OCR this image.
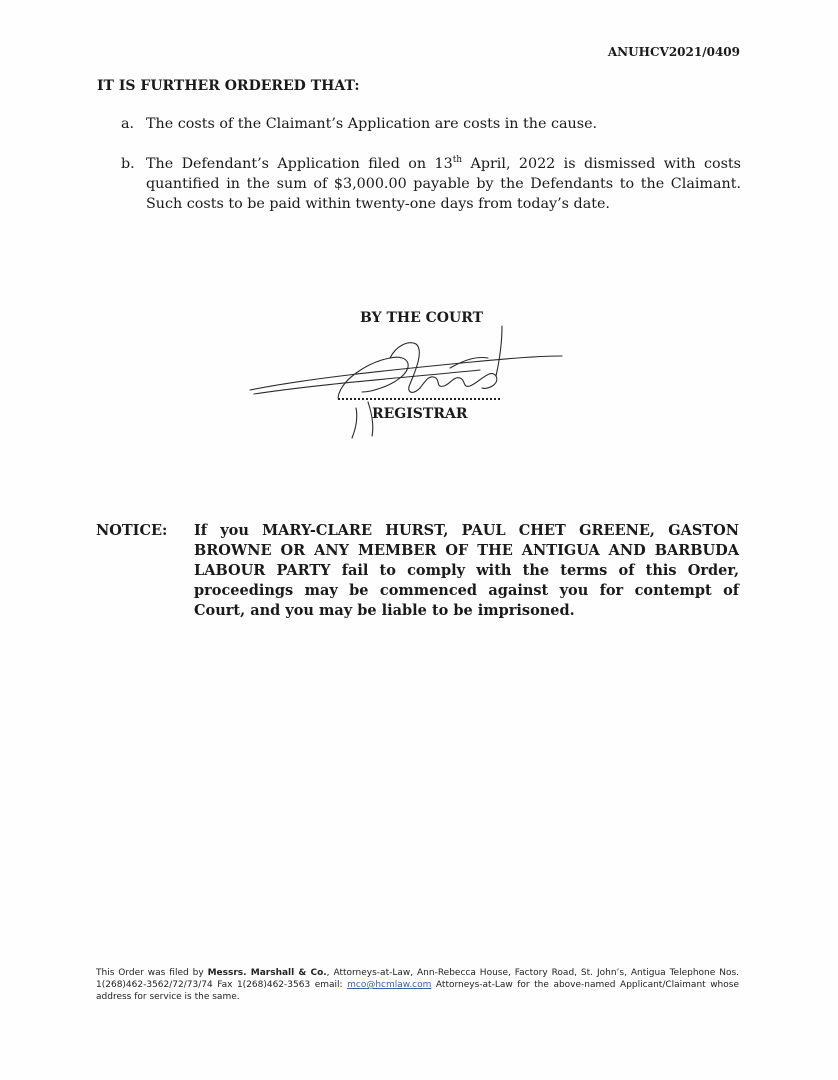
ANUHCV2021/0409
IT IS FURTHER ORDERED THAT:
a. The costs of the Claimant’s Application are costs in the cause.
b. The Defendant’s Application filed on 13th April, 2022 is dismissed with costs quantified in the sum of $3,000.00 payable by the Defendants to the Claimant. Such costs to be paid within twenty-one days from today’s date.
BY THE COURT
REGISTRAR
NOTICE: If you MARY-CLARE HURST, PAUL CHET GREENE, GASTON BROWNE OR ANY MEMBER OF THE ANTIGUA AND BARBUDA LABOUR PARTY fail to comply with the terms of this Order, proceedings may be commenced against you for contempt of Court, and you may be liable to be imprisoned.
This Order was filed by Messrs. Marshall & Co., Attorneys-at-Law, Ann-Rebecca House, Factory Road, St. John’s, Antigua Telephone Nos. 1(268)462-3562/72/73/74 Fax 1(268)462-3563 email: mco@hcmlaw.com Attorneys-at-Law for the above-named Applicant/Claimant whose address for service is the same.
